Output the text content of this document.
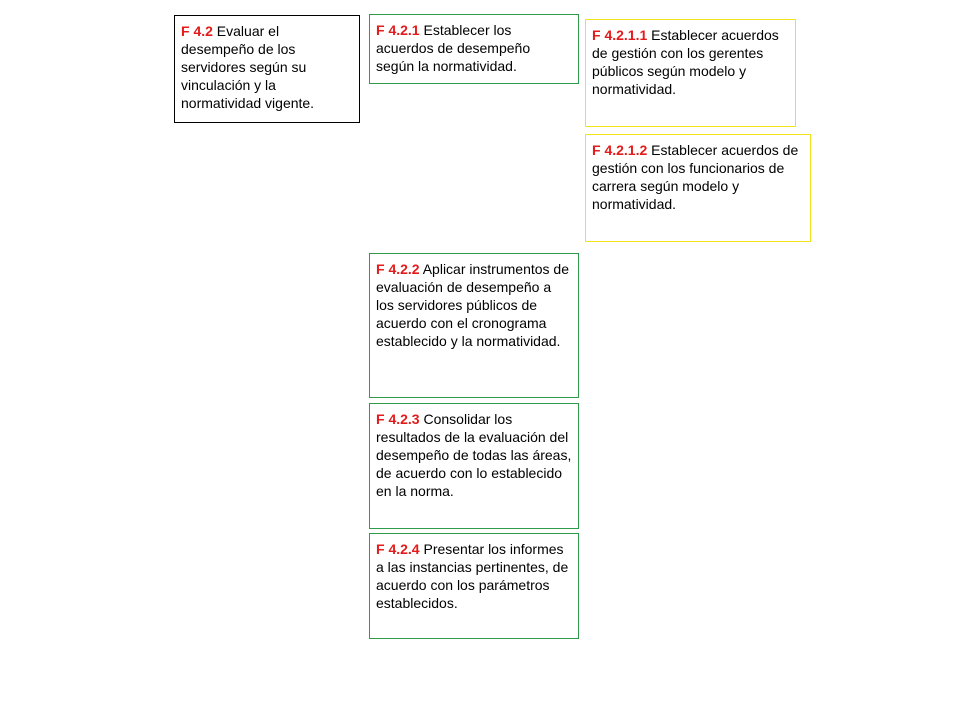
F 4.2 Evaluar el desempeño de los servidores según su vinculación y la normatividad vigente.
F 4.2.1 Establecer los acuerdos de desempeño según la normatividad.
F 4.2.1.1 Establecer acuerdos de gestión con los gerentes públicos según modelo y normatividad.
F 4.2.1.2 Establecer acuerdos de gestión con los funcionarios de carrera según modelo y normatividad.
F 4.2.2 Aplicar instrumentos de evaluación de desempeño a los servidores públicos de acuerdo con el cronograma establecido y la normatividad.
F 4.2.3 Consolidar los resultados de la evaluación del desempeño de todas las áreas, de acuerdo con lo establecido en la norma.
F 4.2.4 Presentar los informes a las instancias pertinentes, de acuerdo con los parámetros establecidos.
